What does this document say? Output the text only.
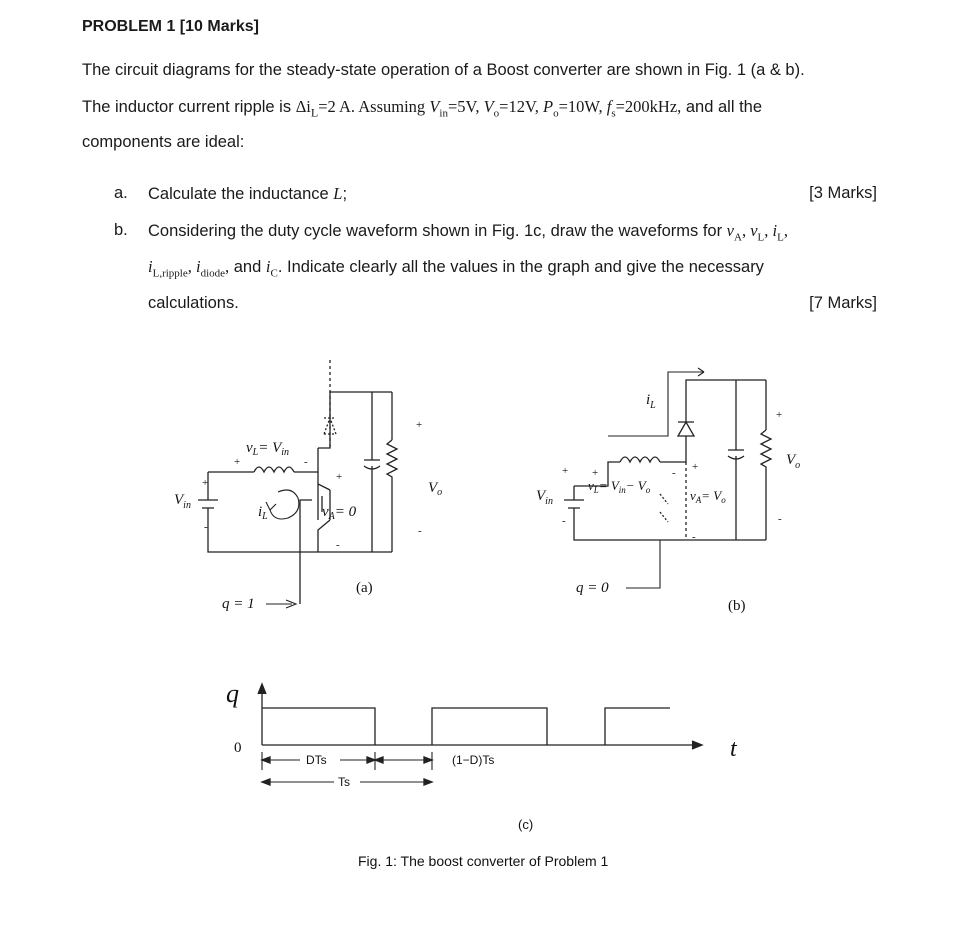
PROBLEM 1 [10 Marks]
The circuit diagrams for the steady-state operation of a Boost converter are shown in Fig. 1 (a & b).
The inductor current ripple is $\Delta i_L=2$ A. Assuming $V_{in}=5V$, $V_o=12V$, $P_o=10W$, $f_s=200kHz$, and all the
components are ideal:
a. Calculate the inductance L;	[3 Marks]
b. Considering the duty cycle waveform shown in Fig. 1c, draw the waveforms for $v_A$, $v_L$, $i_L$,
$i_{L,ripple}$, $i_{diode}$, and $i_C$. Indicate clearly all the values in the graph and give the necessary
calculations.	[7 Marks]
$v_L= V_{in}$
+	-
$V_{in}$
+
-
$i_L$	$v_A= 0$
+
-
$V_o$
+
-
q = 1
(a)
$i_L$
$v_L= V_{in}- V_o$
+	-
$v_A= V_o$
+
-
$V_{in}$
+
-
$V_o$
+
-
q = 0
(b)
q
0	t
DTs
Ts
(1−D)Ts
(c)
Fig. 1: The boost converter of Problem 1
